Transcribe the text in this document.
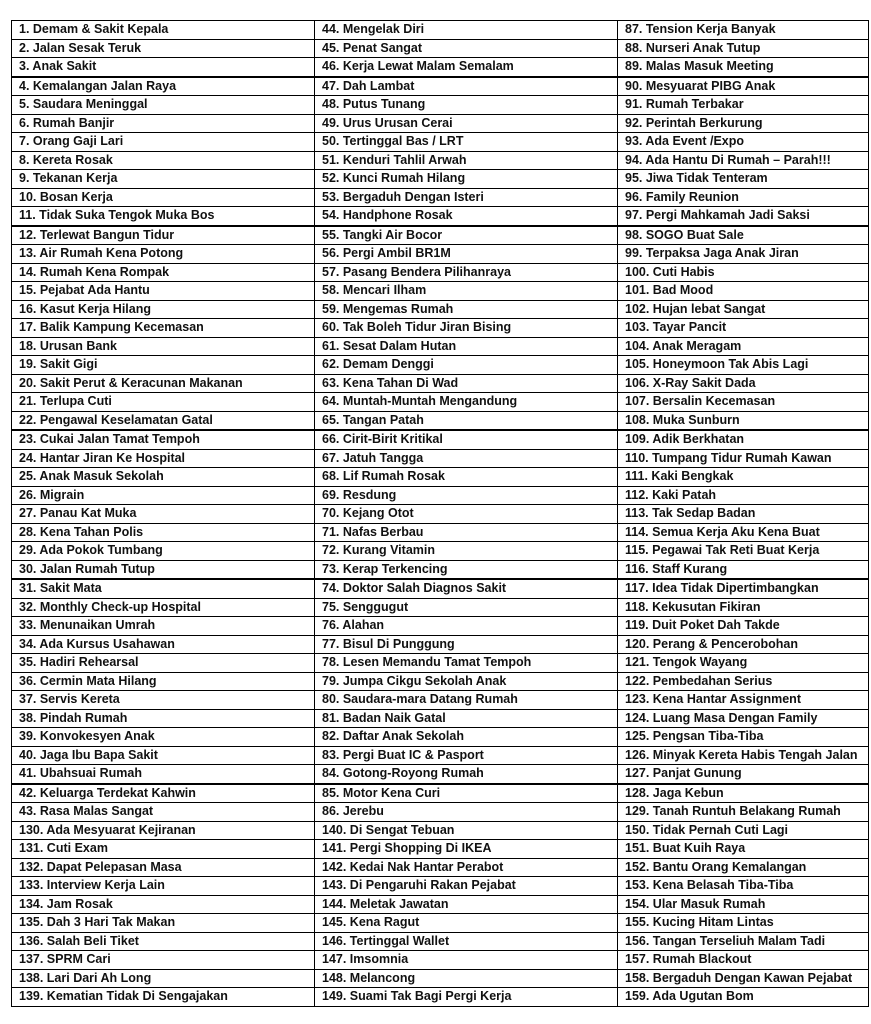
1. Demam & Sakit Kepala	44. Mengelak Diri	87. Tension Kerja Banyak
2. Jalan Sesak Teruk	45. Penat Sangat	88. Nurseri Anak Tutup
3. Anak Sakit	46. Kerja Lewat Malam Semalam	89. Malas Masuk Meeting
4. Kemalangan Jalan Raya	47. Dah Lambat	90. Mesyuarat PIBG Anak
5. Saudara Meninggal	48. Putus Tunang	91. Rumah Terbakar
6. Rumah Banjir	49. Urus Urusan Cerai	92. Perintah Berkurung
7. Orang Gaji Lari	50. Tertinggal Bas / LRT	93. Ada Event /Expo
8. Kereta Rosak	51. Kenduri Tahlil Arwah	94. Ada Hantu Di Rumah – Parah!!!
9. Tekanan Kerja	52. Kunci Rumah Hilang	95. Jiwa Tidak Tenteram
10. Bosan Kerja	53. Bergaduh Dengan Isteri	96. Family Reunion
11. Tidak Suka Tengok Muka Bos	54. Handphone Rosak	97. Pergi Mahkamah Jadi Saksi
12. Terlewat Bangun Tidur	55. Tangki Air Bocor	98. SOGO Buat Sale
13. Air Rumah Kena Potong	56. Pergi Ambil BR1M	99. Terpaksa Jaga Anak Jiran
14. Rumah Kena Rompak	57. Pasang Bendera Pilihanraya	100. Cuti Habis
15. Pejabat Ada Hantu	58. Mencari Ilham	101. Bad Mood
16. Kasut Kerja Hilang	59. Mengemas Rumah	102. Hujan lebat Sangat
17. Balik Kampung Kecemasan	60. Tak Boleh Tidur Jiran Bising	103. Tayar Pancit
18. Urusan Bank	61. Sesat Dalam Hutan	104. Anak Meragam
19. Sakit Gigi	62. Demam Denggi	105. Honeymoon Tak Abis Lagi
20. Sakit Perut & Keracunan Makanan	63. Kena Tahan Di Wad	106. X-Ray Sakit Dada
21. Terlupa Cuti	64. Muntah-Muntah Mengandung	107. Bersalin Kecemasan
22. Pengawal Keselamatan Gatal	65. Tangan Patah	108. Muka Sunburn
23. Cukai Jalan Tamat Tempoh	66. Cirit-Birit Kritikal	109. Adik Berkhatan
24. Hantar Jiran Ke Hospital	67. Jatuh Tangga	110. Tumpang Tidur Rumah Kawan
25. Anak Masuk Sekolah	68. Lif Rumah Rosak	111. Kaki Bengkak
26. Migrain	69. Resdung	112. Kaki Patah
27. Panau Kat Muka	70. Kejang Otot	113. Tak Sedap Badan
28. Kena Tahan Polis	71. Nafas Berbau	114. Semua Kerja Aku Kena Buat
29. Ada Pokok Tumbang	72. Kurang Vitamin	115. Pegawai Tak Reti Buat Kerja
30. Jalan Rumah Tutup	73. Kerap Terkencing	116. Staff Kurang
31. Sakit Mata	74. Doktor Salah Diagnos Sakit	117. Idea Tidak Dipertimbangkan
32. Monthly Check-up Hospital	75. Senggugut	118. Kekusutan Fikiran
33. Menunaikan Umrah	76. Alahan	119. Duit Poket Dah Takde
34. Ada Kursus Usahawan	77. Bisul Di Punggung	120. Perang & Pencerobohan
35. Hadiri Rehearsal	78. Lesen Memandu Tamat Tempoh	121. Tengok Wayang
36. Cermin Mata Hilang	79. Jumpa Cikgu Sekolah Anak	122. Pembedahan Serius
37. Servis Kereta	80. Saudara-mara Datang Rumah	123. Kena Hantar Assignment
38. Pindah Rumah	81. Badan Naik Gatal	124. Luang Masa Dengan Family
39. Konvokesyen Anak	82. Daftar Anak Sekolah	125. Pengsan Tiba-Tiba
40. Jaga Ibu Bapa Sakit	83. Pergi Buat IC & Pasport	126. Minyak Kereta Habis Tengah Jalan
41. Ubahsuai Rumah	84. Gotong-Royong Rumah	127. Panjat Gunung
42. Keluarga Terdekat Kahwin	85. Motor Kena Curi	128. Jaga Kebun
43. Rasa Malas Sangat	86. Jerebu	129. Tanah Runtuh Belakang Rumah
130. Ada Mesyuarat Kejiranan	140. Di Sengat Tebuan	150. Tidak Pernah Cuti Lagi
131. Cuti Exam	141. Pergi Shopping Di IKEA	151. Buat Kuih Raya
132. Dapat Pelepasan Masa	142. Kedai Nak Hantar Perabot	152. Bantu Orang Kemalangan
133. Interview Kerja Lain	143. Di Pengaruhi Rakan Pejabat	153. Kena Belasah Tiba-Tiba
134. Jam Rosak	144. Meletak Jawatan	154. Ular Masuk Rumah
135. Dah 3 Hari Tak Makan	145. Kena Ragut	155. Kucing Hitam Lintas
136. Salah Beli Tiket	146. Tertinggal Wallet	156. Tangan Terseliuh Malam Tadi
137. SPRM Cari	147. Imsomnia	157. Rumah Blackout
138. Lari Dari Ah Long	148. Melancong	158. Bergaduh Dengan Kawan Pejabat
139. Kematian Tidak Di Sengajakan	149. Suami Tak Bagi Pergi Kerja	159. Ada Ugutan Bom
